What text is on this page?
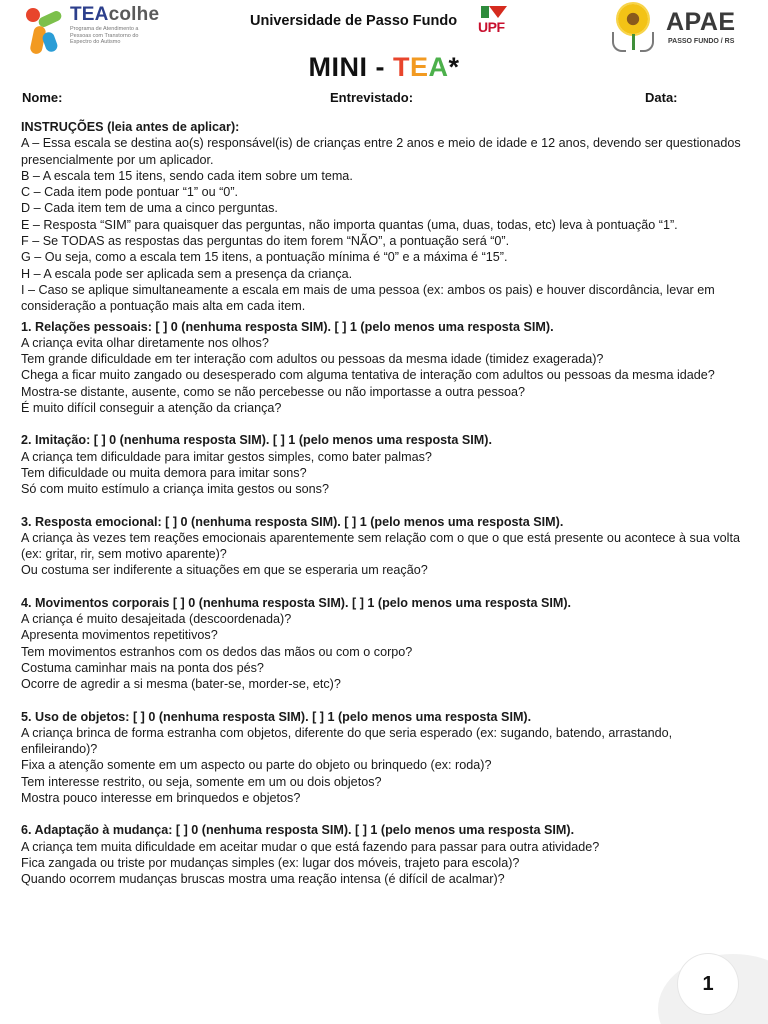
TEAcolhe
Programa de Atendimento a Pessoas com Transtorno do Espectro do Autismo
Universidade de Passo Fundo UPF	APAE
PASSO FUNDO / RS
MINI - TEA*
Nome:	Entrevistado:	Data:

INSTRUÇÕES (leia antes de aplicar):

A – Essa escala se destina ao(s) responsável(is) de crianças entre 2 anos e meio de idade e 12 anos, devendo ser questionados presencialmente por um aplicador.

B – A escala tem 15 itens, sendo cada item sobre um tema.

C – Cada item pode pontuar “1” ou “0”.

D – Cada item tem de uma a cinco perguntas.

E – Resposta “SIM” para quaisquer das perguntas, não importa quantas (uma, duas, todas, etc) leva à pontuação “1”.

F – Se TODAS as respostas das perguntas do item forem “NÃO”, a pontuação será “0”.

G – Ou seja, como a escala tem 15 itens, a pontuação mínima é “0” e a máxima é “15”.

H – A escala pode ser aplicada sem a presença da criança.

I – Caso se aplique simultaneamente a escala em mais de uma pessoa (ex: ambos os pais) e houver discordância, levar em consideração a pontuação mais alta em cada item.

1. Relações pessoais: [ ] 0 (nenhuma resposta SIM). [ ] 1 (pelo menos uma resposta SIM).

A criança evita olhar diretamente nos olhos?

Tem grande dificuldade em ter interação com adultos ou pessoas da mesma idade (timidez exagerada)?

Chega a ficar muito zangado ou desesperado com alguma tentativa de interação com adultos ou pessoas da mesma idade?

Mostra-se distante, ausente, como se não percebesse ou não importasse a outra pessoa?

É muito difícil conseguir a atenção da criança?

2. Imitação: [ ] 0 (nenhuma resposta SIM). [ ] 1 (pelo menos uma resposta SIM).

A criança tem dificuldade para imitar gestos simples, como bater palmas?

Tem dificuldade ou muita demora para imitar sons?

Só com muito estímulo a criança imita gestos ou sons?

3. Resposta emocional: [ ] 0 (nenhuma resposta SIM). [ ] 1 (pelo menos uma resposta SIM).

A criança às vezes tem reações emocionais aparentemente sem relação com o que o que está presente ou acontece à sua volta (ex: gritar, rir, sem motivo aparente)?

Ou costuma ser indiferente a situações em que se esperaria um reação?

4. Movimentos corporais [ ] 0 (nenhuma resposta SIM). [ ] 1 (pelo menos uma resposta SIM).

A criança é muito desajeitada (descoordenada)?

Apresenta movimentos repetitivos?

Tem movimentos estranhos com os dedos das mãos ou com o corpo?

Costuma caminhar mais na ponta dos pés?

Ocorre de agredir a si mesma (bater-se, morder-se, etc)?

5. Uso de objetos: [ ] 0 (nenhuma resposta SIM). [ ] 1 (pelo menos uma resposta SIM).

A criança brinca de forma estranha com objetos, diferente do que seria esperado (ex: sugando, batendo, arrastando, enfileirando)?

Fixa a atenção somente em um aspecto ou parte do objeto ou brinquedo (ex: roda)?

Tem interesse restrito, ou seja, somente em um ou dois objetos?

Mostra pouco interesse em brinquedos e objetos?

6. Adaptação à mudança: [ ] 0 (nenhuma resposta SIM). [ ] 1 (pelo menos uma resposta SIM).

A criança tem muita dificuldade em aceitar mudar o que está fazendo para passar para outra atividade?

Fica zangada ou triste por mudanças simples (ex: lugar dos móveis, trajeto para escola)?

Quando ocorrem mudanças bruscas mostra uma reação intensa (é difícil de acalmar)?

1
